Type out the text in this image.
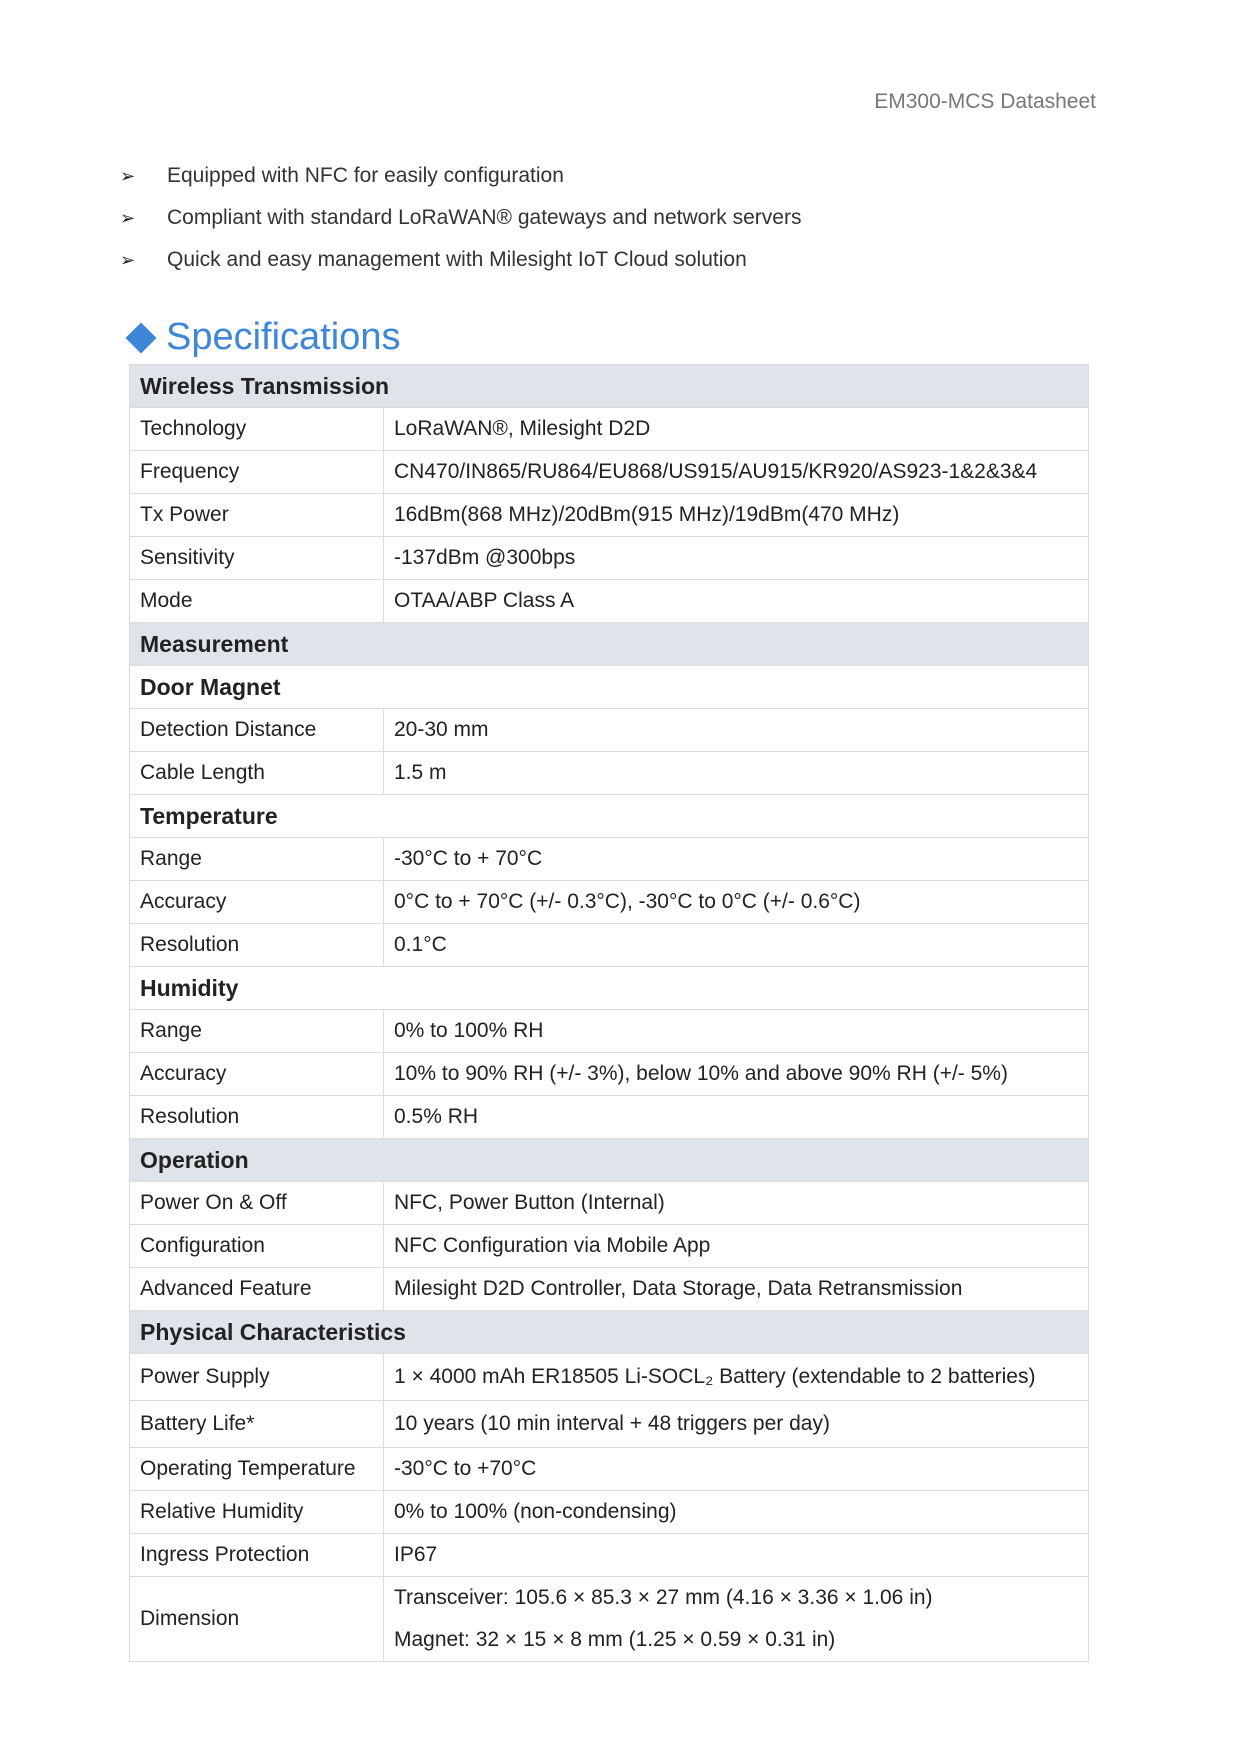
EM300-MCS Datasheet
➢	Equipped with NFC for easily configuration
➢	Compliant with standard LoRaWAN® gateways and network servers
➢	Quick and easy management with Milesight IoT Cloud solution
Specifications
Wireless Transmission	
Technology	LoRaWAN®, Milesight D2D
Frequency	CN470/IN865/RU864/EU868/US915/AU915/KR920/AS923-1&2&3&4
Tx Power	16dBm(868 MHz)/20dBm(915 MHz)/19dBm(470 MHz)
Sensitivity	-137dBm @300bps
Mode	OTAA/ABP Class A
Measurement	
Door Magnet	
Detection Distance	20-30 mm
Cable Length	1.5 m
Temperature	
Range	-30°C to + 70°C
Accuracy	0°C to + 70°C (+/- 0.3°C), -30°C to 0°C (+/- 0.6°C)
Resolution	0.1°C
Humidity	
Range	0% to 100% RH
Accuracy	10% to 90% RH (+/- 3%), below 10% and above 90% RH (+/- 5%)
Resolution	0.5% RH
Operation	
Power On & Off	NFC, Power Button (Internal)
Configuration	NFC Configuration via Mobile App
Advanced Feature	Milesight D2D Controller, Data Storage, Data Retransmission
Physical Characteristics	
Power Supply	1 × 4000 mAh ER18505 Li-SOCL₂ Battery (extendable to 2 batteries)
Battery Life*	10 years (10 min interval + 48 triggers per day)
Operating Temperature	-30°C to +70°C
Relative Humidity	0% to 100% (non-condensing)
Ingress Protection	IP67
Dimension	Transceiver: 105.6 × 85.3 × 27 mm (4.16 × 3.36 × 1.06 in)
Magnet: 32 × 15 × 8 mm (1.25 × 0.59 × 0.31 in)
